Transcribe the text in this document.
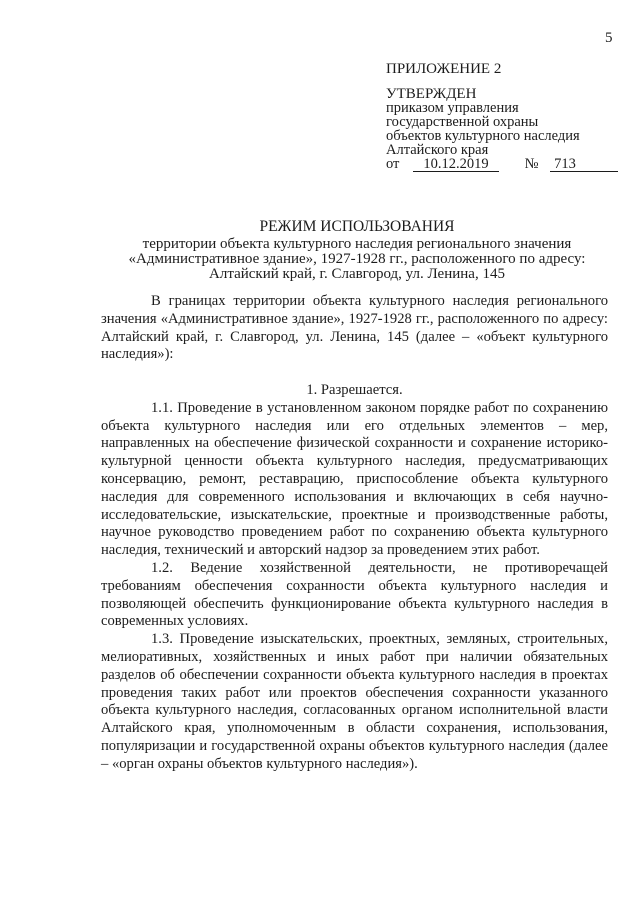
5
ПРИЛОЖЕНИЕ 2
УТВЕРЖДЕН
приказом управления
государственной охраны
объектов культурного наследия
Алтайского края
от 10.12.2019 № 713
РЕЖИМ ИСПОЛЬЗОВАНИЯ
территории объекта культурного наследия регионального значения
«Административное здание», 1927-1928 гг., расположенного по адресу:
Алтайский край, г. Славгород, ул. Ленина, 145

В границах территории объекта культурного наследия регионального значения «Административное здание», 1927-1928 гг., расположенного по адресу: Алтайский край, г. Славгород, ул. Ленина, 145 (далее – «объект культурного наследия»):

1. Разрешается.

1.1. Проведение в установленном законом порядке работ по сохранению объекта культурного наследия или его отдельных элементов – мер, направленных на обеспечение физической сохранности и сохранение историко-культурной ценности объекта культурного наследия, предусматривающих консервацию, ремонт, реставрацию, приспособление объекта культурного наследия для современного использования и включающих в себя научно-исследовательские, изыскательские, проектные и производственные работы, научное руководство проведением работ по сохранению объекта культурного наследия, технический и авторский надзор за проведением этих работ.

1.2. Ведение хозяйственной деятельности, не противоречащей требованиям обеспечения сохранности объекта культурного наследия и позволяющей обеспечить функционирование объекта культурного наследия в современных условиях.

1.3. Проведение изыскательских, проектных, земляных, строительных, мелиоративных, хозяйственных и иных работ при наличии обязательных разделов об обеспечении сохранности объекта культурного наследия в проектах проведения таких работ или проектов обеспечения сохранности указанного объекта культурного наследия, согласованных органом исполнительной власти Алтайского края, уполномоченным в области сохранения, использования, популяризации и государственной охраны объектов культурного наследия (далее – «орган охраны объектов культурного наследия»).
